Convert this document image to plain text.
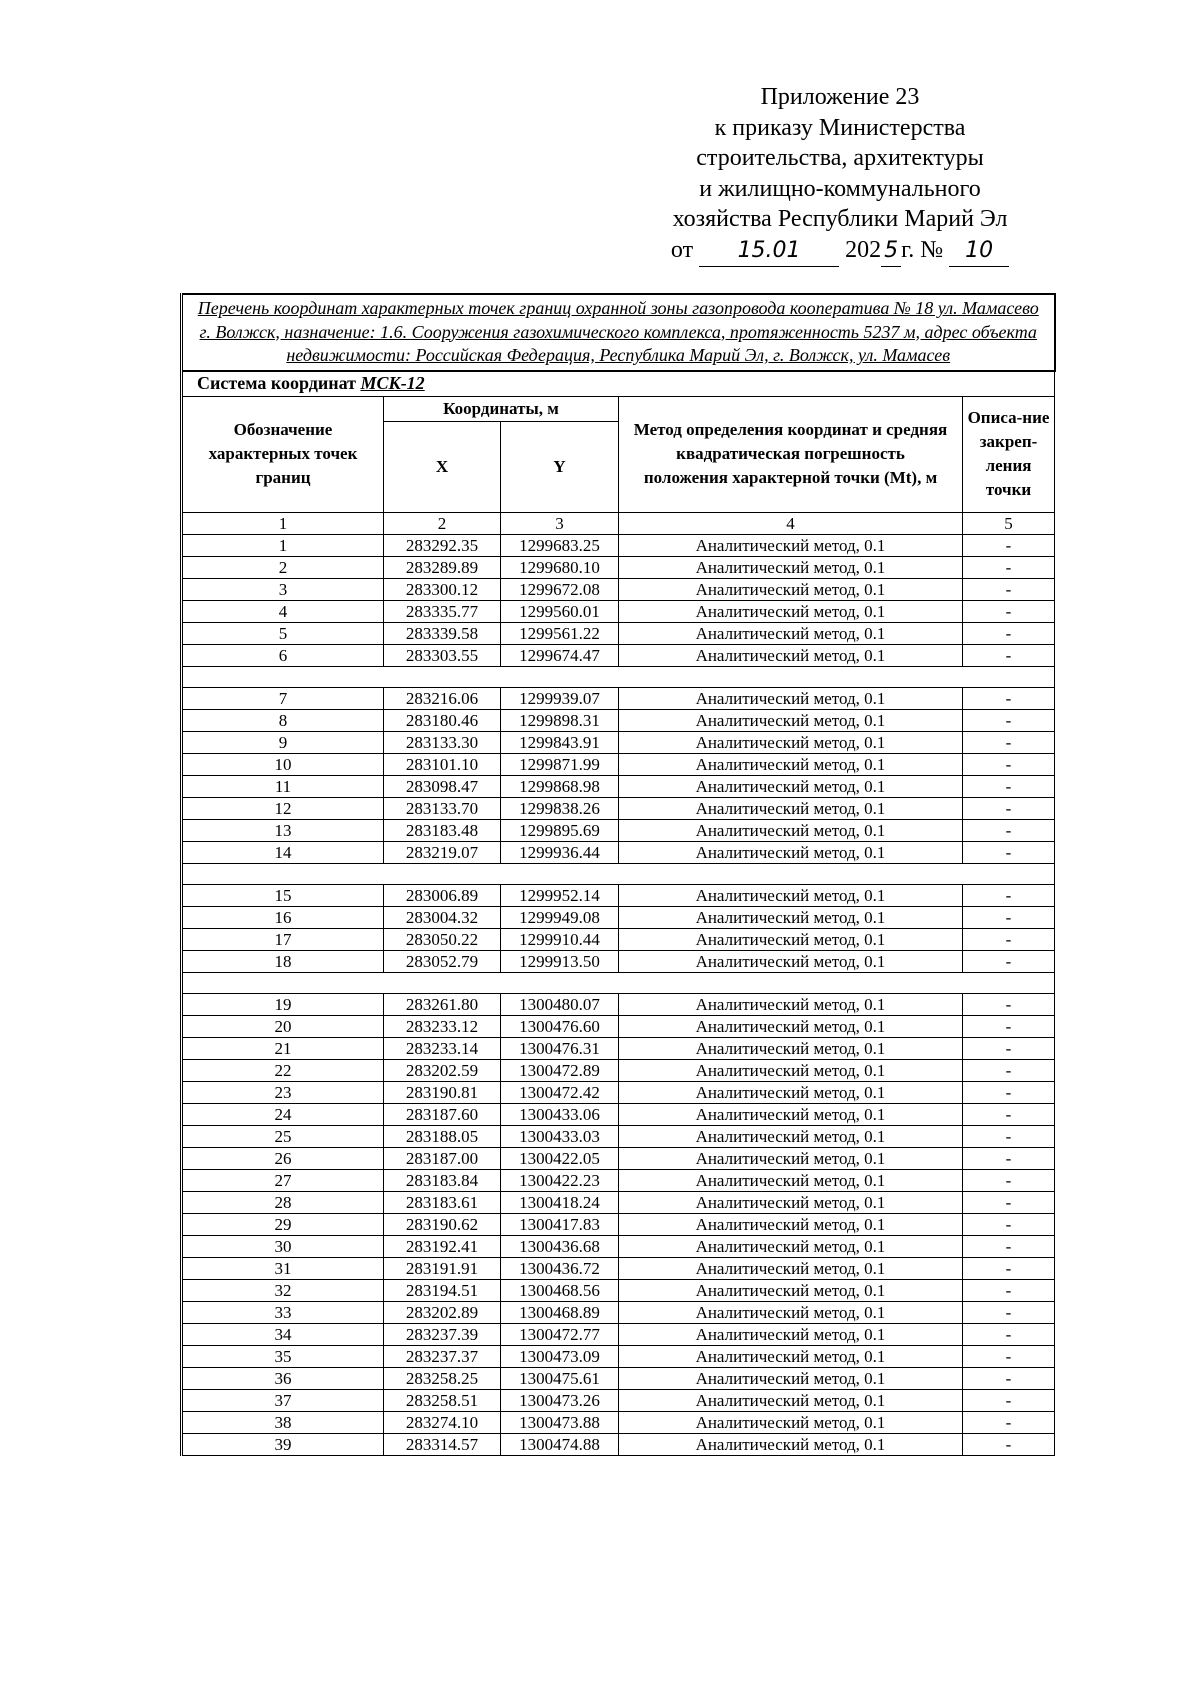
Приложение 23
к приказу Министерства
строительства, архитектуры
и жилищно-коммунального
хозяйства Республики Марий Эл
от 15.01 202 5 г. № 10
Перечень координат характерных точек границ охранной зоны газопровода кооператива № 18 ул. Мамасево г. Волжск, назначение: 1.6. Сооружения газохимического комплекса, протяженность 5237 м, адрес объекта недвижимости: Российская Федерация, Республика Марий Эл, г. Волжск, ул. Мамасев				
Система координат МСК-12				
Обозначение характерных точек границ	Координаты, м		Метод определения координат и средняя квадратическая погрешность положения характерной точки (Mt), м	Описа-ние закреп-ления точки
	X	Y		
1	2	3	4	5
1	283292.35	1299683.25	Аналитический метод, 0.1	-
2	283289.89	1299680.10	Аналитический метод, 0.1	-
3	283300.12	1299672.08	Аналитический метод, 0.1	-
4	283335.77	1299560.01	Аналитический метод, 0.1	-
5	283339.58	1299561.22	Аналитический метод, 0.1	-
6	283303.55	1299674.47	Аналитический метод, 0.1	-

7	283216.06	1299939.07	Аналитический метод, 0.1	-
8	283180.46	1299898.31	Аналитический метод, 0.1	-
9	283133.30	1299843.91	Аналитический метод, 0.1	-
10	283101.10	1299871.99	Аналитический метод, 0.1	-
11	283098.47	1299868.98	Аналитический метод, 0.1	-
12	283133.70	1299838.26	Аналитический метод, 0.1	-
13	283183.48	1299895.69	Аналитический метод, 0.1	-
14	283219.07	1299936.44	Аналитический метод, 0.1	-

15	283006.89	1299952.14	Аналитический метод, 0.1	-
16	283004.32	1299949.08	Аналитический метод, 0.1	-
17	283050.22	1299910.44	Аналитический метод, 0.1	-
18	283052.79	1299913.50	Аналитический метод, 0.1	-

19	283261.80	1300480.07	Аналитический метод, 0.1	-
20	283233.12	1300476.60	Аналитический метод, 0.1	-
21	283233.14	1300476.31	Аналитический метод, 0.1	-
22	283202.59	1300472.89	Аналитический метод, 0.1	-
23	283190.81	1300472.42	Аналитический метод, 0.1	-
24	283187.60	1300433.06	Аналитический метод, 0.1	-
25	283188.05	1300433.03	Аналитический метод, 0.1	-
26	283187.00	1300422.05	Аналитический метод, 0.1	-
27	283183.84	1300422.23	Аналитический метод, 0.1	-
28	283183.61	1300418.24	Аналитический метод, 0.1	-
29	283190.62	1300417.83	Аналитический метод, 0.1	-
30	283192.41	1300436.68	Аналитический метод, 0.1	-
31	283191.91	1300436.72	Аналитический метод, 0.1	-
32	283194.51	1300468.56	Аналитический метод, 0.1	-
33	283202.89	1300468.89	Аналитический метод, 0.1	-
34	283237.39	1300472.77	Аналитический метод, 0.1	-
35	283237.37	1300473.09	Аналитический метод, 0.1	-
36	283258.25	1300475.61	Аналитический метод, 0.1	-
37	283258.51	1300473.26	Аналитический метод, 0.1	-
38	283274.10	1300473.88	Аналитический метод, 0.1	-
39	283314.57	1300474.88	Аналитический метод, 0.1	-
